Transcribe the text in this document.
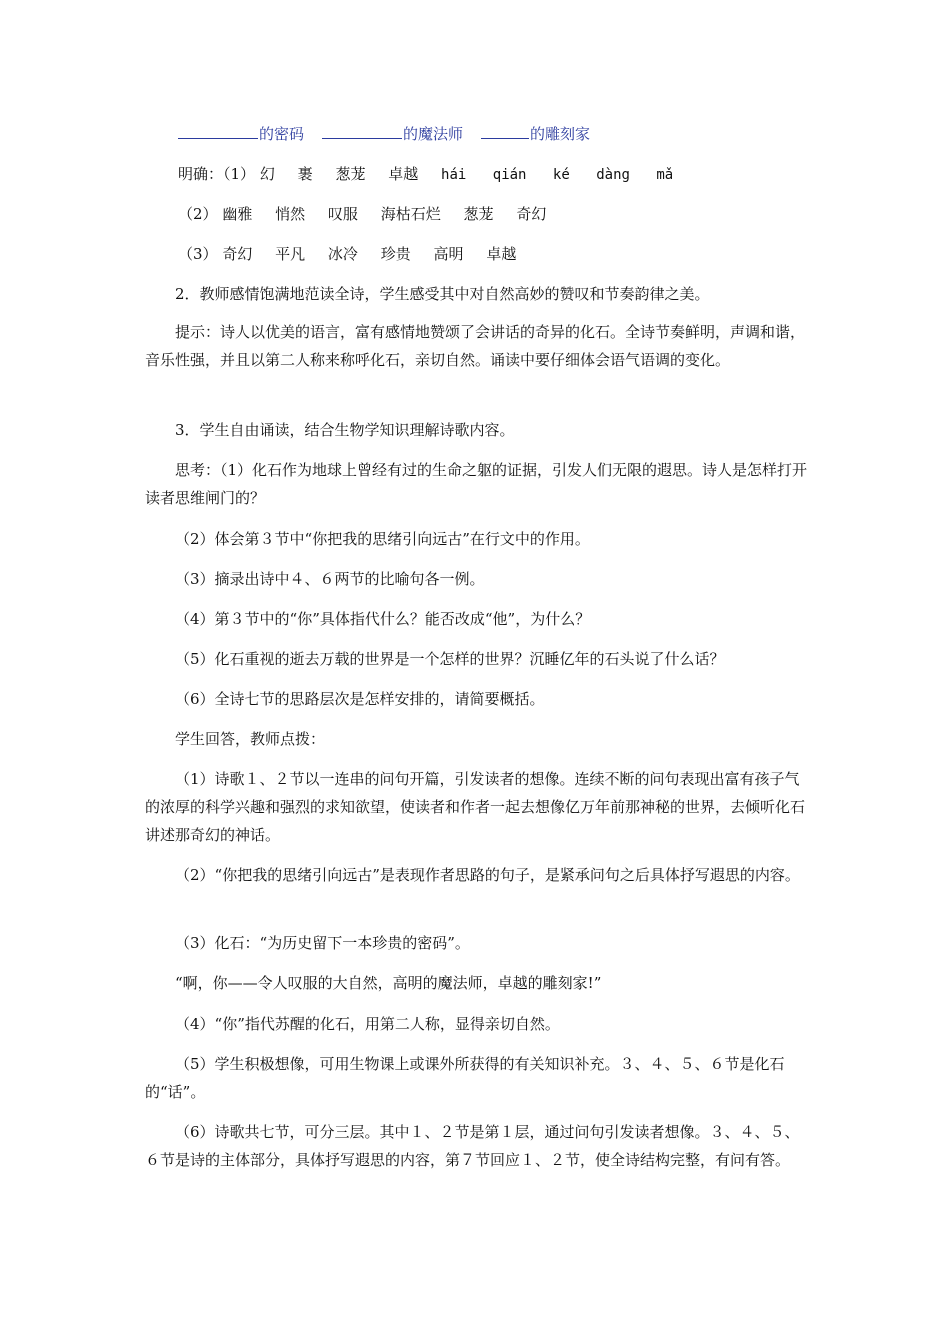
的密码	的魔法师	的雕刻家
明确：（1） 幻 裹 葱茏 卓越 hái qián ké dàng mǎ
（2） 幽雅 悄然 叹服 海枯石烂 葱茏 奇幻
（3） 奇幻 平凡 冰冷 珍贵 高明 卓越
2．教师感情饱满地范读全诗，学生感受其中对自然高妙的赞叹和节奏韵律之美。
提示：诗人以优美的语言，富有感情地赞颂了会讲话的奇异的化石。全诗节奏鲜明，声调和谐，音乐性强，并且以第二人称来称呼化石，亲切自然。诵读中要仔细体会语气语调的变化。
3．学生自由诵读，结合生物学知识理解诗歌内容。
思考：（1）化石作为地球上曾经有过的生命之躯的证据，引发人们无限的遐思。诗人是怎样打开读者思维闸门的？
（2）体会第３节中“你把我的思绪引向远古”在行文中的作用。
（3）摘录出诗中４、６两节的比喻句各一例。
（4）第３节中的“你”具体指代什么？能否改成“他”，为什么？
（5）化石重视的逝去万载的世界是一个怎样的世界？沉睡亿年的石头说了什么话？
（6）全诗七节的思路层次是怎样安排的，请简要概括。
学生回答，教师点拨：
（1）诗歌１、２节以一连串的问句开篇，引发读者的想像。连续不断的问句表现出富有孩子气的浓厚的科学兴趣和强烈的求知欲望，使读者和作者一起去想像亿万年前那神秘的世界，去倾听化石讲述那奇幻的神话。
（2）“你把我的思绪引向远古”是表现作者思路的句子，是紧承问句之后具体抒写遐思的内容。
（3）化石：“为历史留下一本珍贵的密码”。
“啊，你——令人叹服的大自然，高明的魔法师，卓越的雕刻家!”
（4）“你”指代苏醒的化石，用第二人称，显得亲切自然。
（5）学生积极想像，可用生物课上或课外所获得的有关知识补充。３、４、５、６节是化石的“话”。
（6）诗歌共七节，可分三层。其中１、２节是第１层，通过问句引发读者想像。３、４、５、６节是诗的主体部分，具体抒写遐思的内容，第７节回应１、２节，使全诗结构完整，有问有答。
